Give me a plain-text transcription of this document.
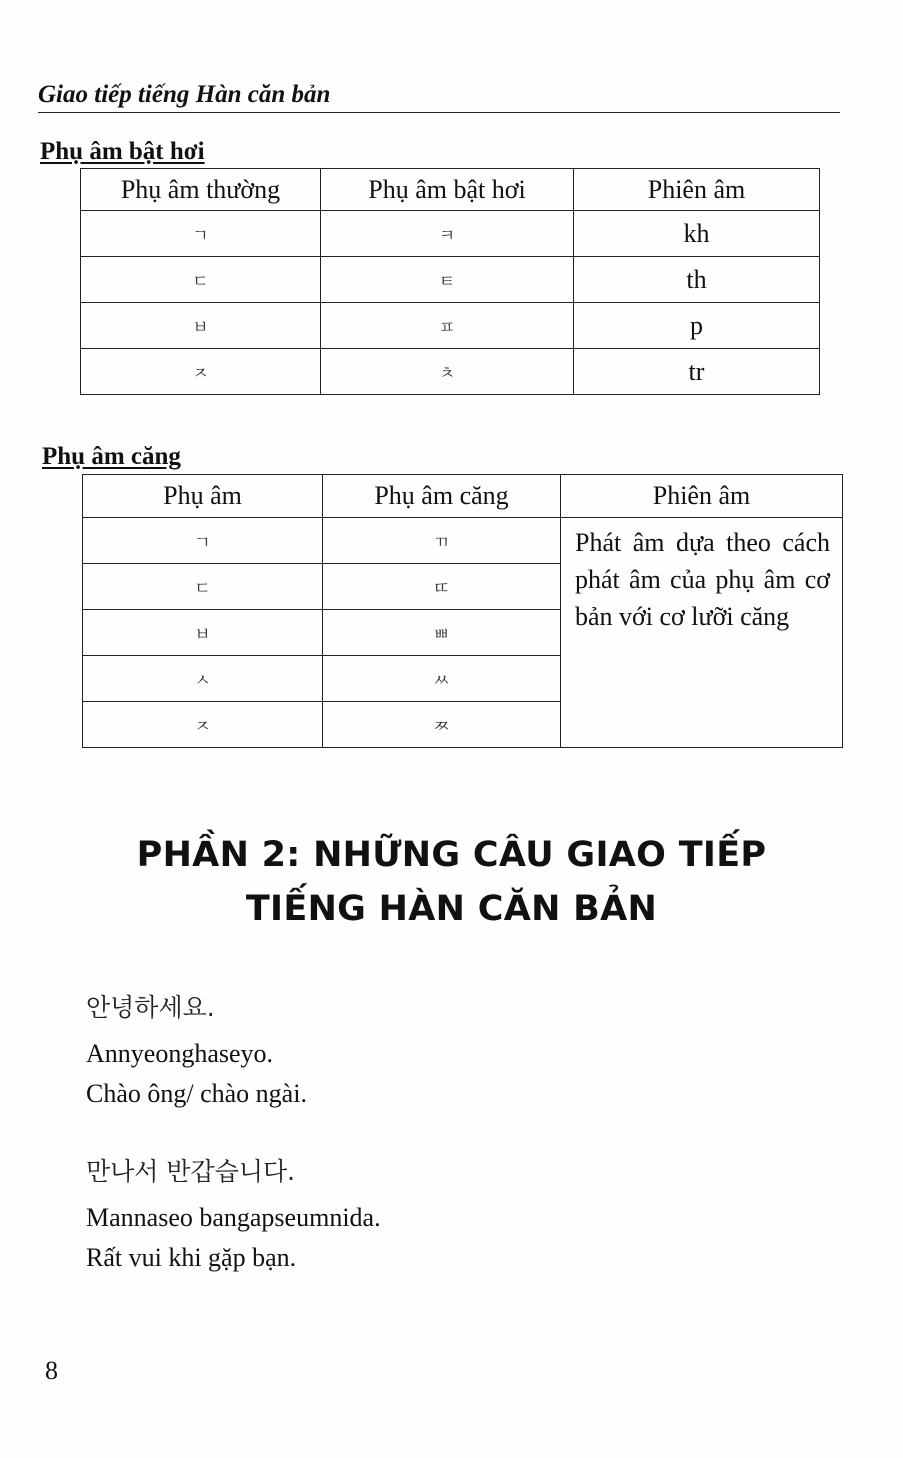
Giao tiếp tiếng Hàn căn bản
Phụ âm bật hơi
Phụ âm thường	Phụ âm bật hơi	Phiên âm
ㄱ	ㅋ	kh
ㄷ	ㅌ	th
ㅂ	ㅍ	p
ㅈ	ㅊ	tr
Phụ âm căng
Phụ âm	Phụ âm căng	Phiên âm
ㄱ	ㄲ	Phát âm dựa theo cách phát âm của phụ âm cơ bản với cơ lưỡi căng
ㄷ	ㄸ	
ㅂ	ㅃ	
ㅅ	ㅆ	
ㅈ	ㅉ	
PHẦN 2: NHỮNG CÂU GIAO TIẾP
TIẾNG HÀN CĂN BẢN
안녕하세요.
Annyeonghaseyo.
Chào ông/ chào ngài.
만나서 반갑습니다.
Mannaseo bangapseumnida.
Rất vui khi gặp bạn.
8
